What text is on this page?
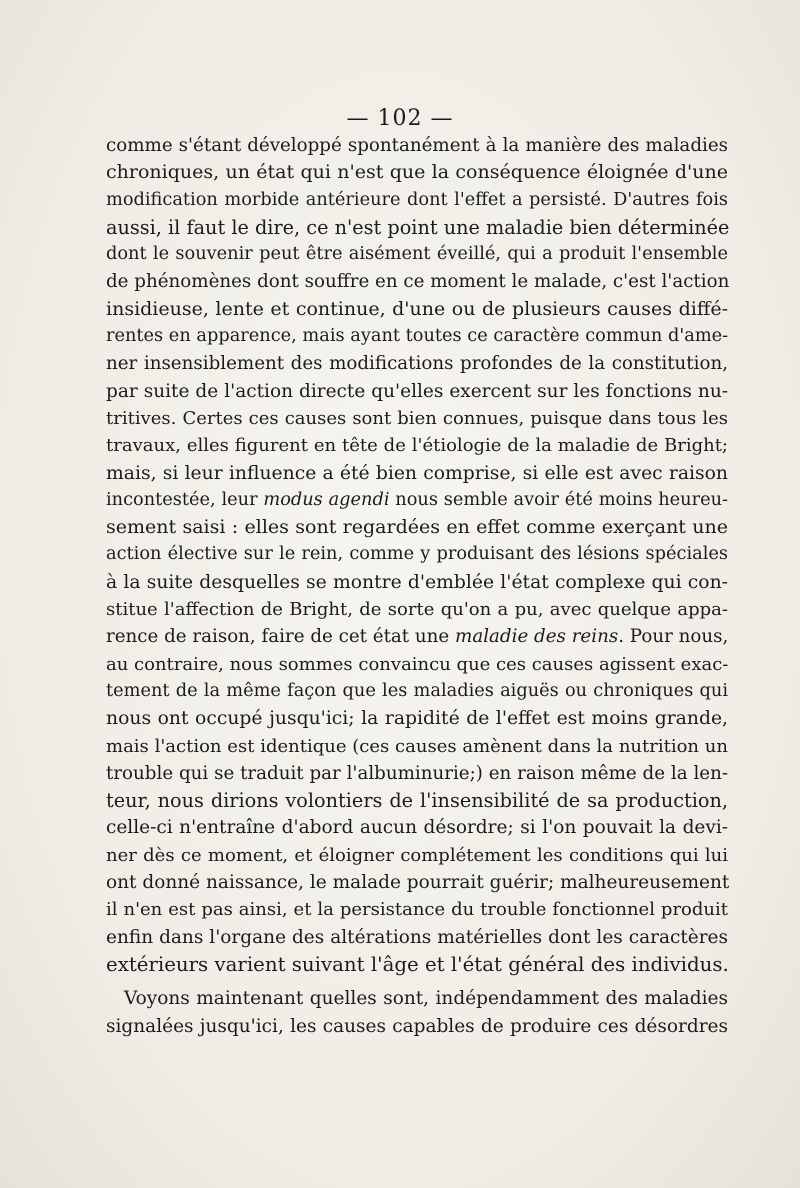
— 102 —
comme s'étant développé spontanément à la manière des maladies
chroniques, un état qui n'est que la conséquence éloignée d'une
modification morbide antérieure dont l'effet a persisté. D'autres fois
aussi, il faut le dire, ce n'est point une maladie bien déterminée
dont le souvenir peut être aisément éveillé, qui a produit l'ensemble
de phénomènes dont souffre en ce moment le malade, c'est l'action
insidieuse, lente et continue, d'une ou de plusieurs causes diffé-
rentes en apparence, mais ayant toutes ce caractère commun d'ame-
ner insensiblement des modifications profondes de la constitution,
par suite de l'action directe qu'elles exercent sur les fonctions nu-
tritives. Certes ces causes sont bien connues, puisque dans tous les
travaux, elles figurent en tête de l'étiologie de la maladie de Bright;
mais, si leur influence a été bien comprise, si elle est avec raison
incontestée, leur modus agendi nous semble avoir été moins heureu-
sement saisi : elles sont regardées en effet comme exerçant une
action élective sur le rein, comme y produisant des lésions spéciales
à la suite desquelles se montre d'emblée l'état complexe qui con-
stitue l'affection de Bright, de sorte qu'on a pu, avec quelque appa-
rence de raison, faire de cet état une maladie des reins. Pour nous,
au contraire, nous sommes convaincu que ces causes agissent exac-
tement de la même façon que les maladies aiguës ou chroniques qui
nous ont occupé jusqu'ici; la rapidité de l'effet est moins grande,
mais l'action est identique (ces causes amènent dans la nutrition un
trouble qui se traduit par l'albuminurie;) en raison même de la len-
teur, nous dirions volontiers de l'insensibilité de sa production,
celle-ci n'entraîne d'abord aucun désordre; si l'on pouvait la devi-
ner dès ce moment, et éloigner complétement les conditions qui lui
ont donné naissance, le malade pourrait guérir; malheureusement
il n'en est pas ainsi, et la persistance du trouble fonctionnel produit
enfin dans l'organe des altérations matérielles dont les caractères
extérieurs varient suivant l'âge et l'état général des individus.
Voyons maintenant quelles sont, indépendamment des maladies
signalées jusqu'ici, les causes capables de produire ces désordres
